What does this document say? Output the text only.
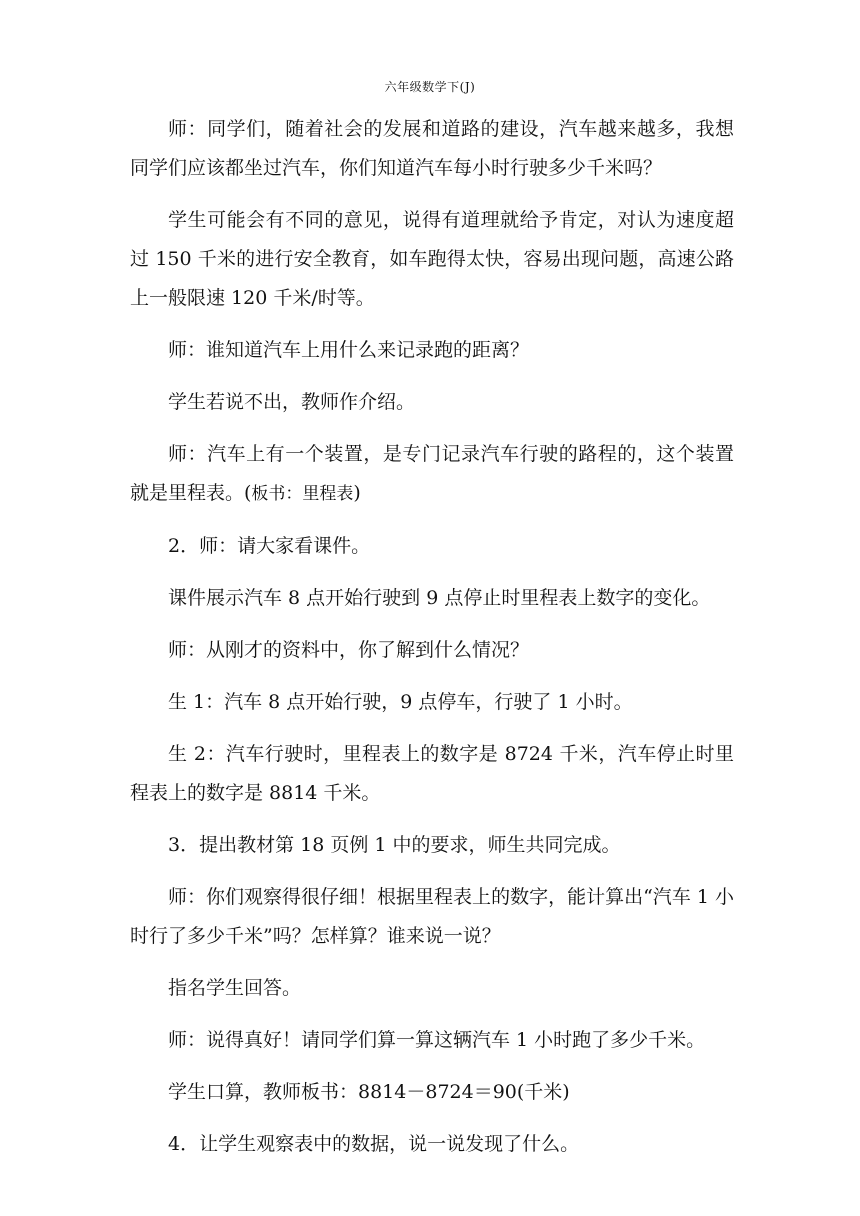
六年级数学下(J)

师：同学们，随着社会的发展和道路的建设，汽车越来越多，我想同学们应该都坐过汽车，你们知道汽车每小时行驶多少千米吗？

学生可能会有不同的意见，说得有道理就给予肯定，对认为速度超过 150 千米的进行安全教育，如车跑得太快，容易出现问题，高速公路上一般限速 120 千米/时等。

师：谁知道汽车上用什么来记录跑的距离？

学生若说不出，教师作介绍。

师：汽车上有一个装置，是专门记录汽车行驶的路程的，这个装置就是里程表。(板书：里程表)

2．师：请大家看课件。

课件展示汽车 8 点开始行驶到 9 点停止时里程表上数字的变化。

师：从刚才的资料中，你了解到什么情况？

生 1：汽车 8 点开始行驶，9 点停车，行驶了 1 小时。

生 2：汽车行驶时，里程表上的数字是 8724 千米，汽车停止时里程表上的数字是 8814 千米。

3．提出教材第 18 页例 1 中的要求，师生共同完成。

师：你们观察得很仔细！根据里程表上的数字，能计算出“汽车 1 小时行了多少千米”吗？怎样算？谁来说一说？

指名学生回答。

师：说得真好！请同学们算一算这辆汽车 1 小时跑了多少千米。

学生口算，教师板书：8814－8724＝90(千米)

4．让学生观察表中的数据，说一说发现了什么。
